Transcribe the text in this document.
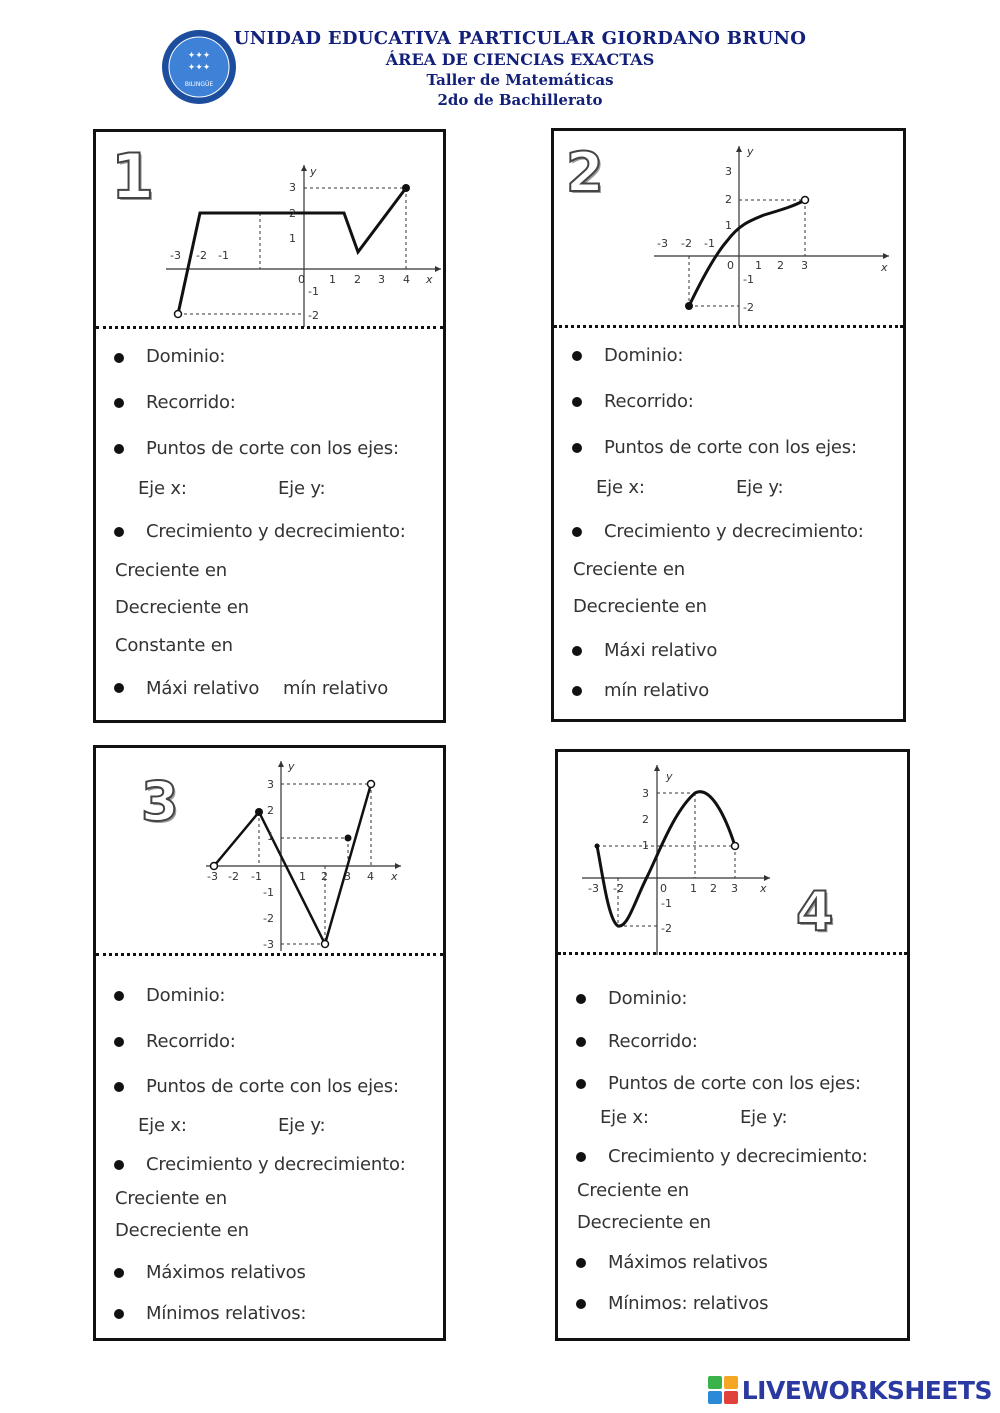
✦✦✦
✦✦✦
BILINGÜE
UNIDAD EDUCATIVA PARTICULAR GIORDANO BRUNO
ÁREA DE CIENCIAS EXACTAS
Taller de Matemáticas
2do de Bachillerato
1
-3 -2 -1
0 1 2 3 4
3
2
1
-1
-2
x
y
Dominio:
Recorrido:
Puntos de corte con los ejes:
Eje x:	Eje y:
Crecimiento y decrecimiento:
Creciente en
Decreciente en
Constante en
Máxi relativo mín relativo
2
-3 -2 -1
0 1 2 3
3
2
1
-1
-2
x
y
Dominio:
Recorrido:
Puntos de corte con los ejes:
Eje x:	Eje y:
Crecimiento y decrecimiento:
Creciente en
Decreciente en
Máxi relativo
mín relativo
3
-3 -2 -1	1 2 3 4
3
2
1
-1
-2
-3
x
y
Dominio:
Recorrido:
Puntos de corte con los ejes:
Eje x:	Eje y:
Crecimiento y decrecimiento:
Creciente en
Decreciente en
Máximos relativos
Mínimos relativos:
-3 -2	0 1 2 3
3
2
1
-1
-2
x
y
4
Dominio:
Recorrido:
Puntos de corte con los ejes:
Eje x:	Eje y:
Crecimiento y decrecimiento:
Creciente en
Decreciente en
Máximos relativos
Mínimos: relativos
LIVEWORKSHEETS
